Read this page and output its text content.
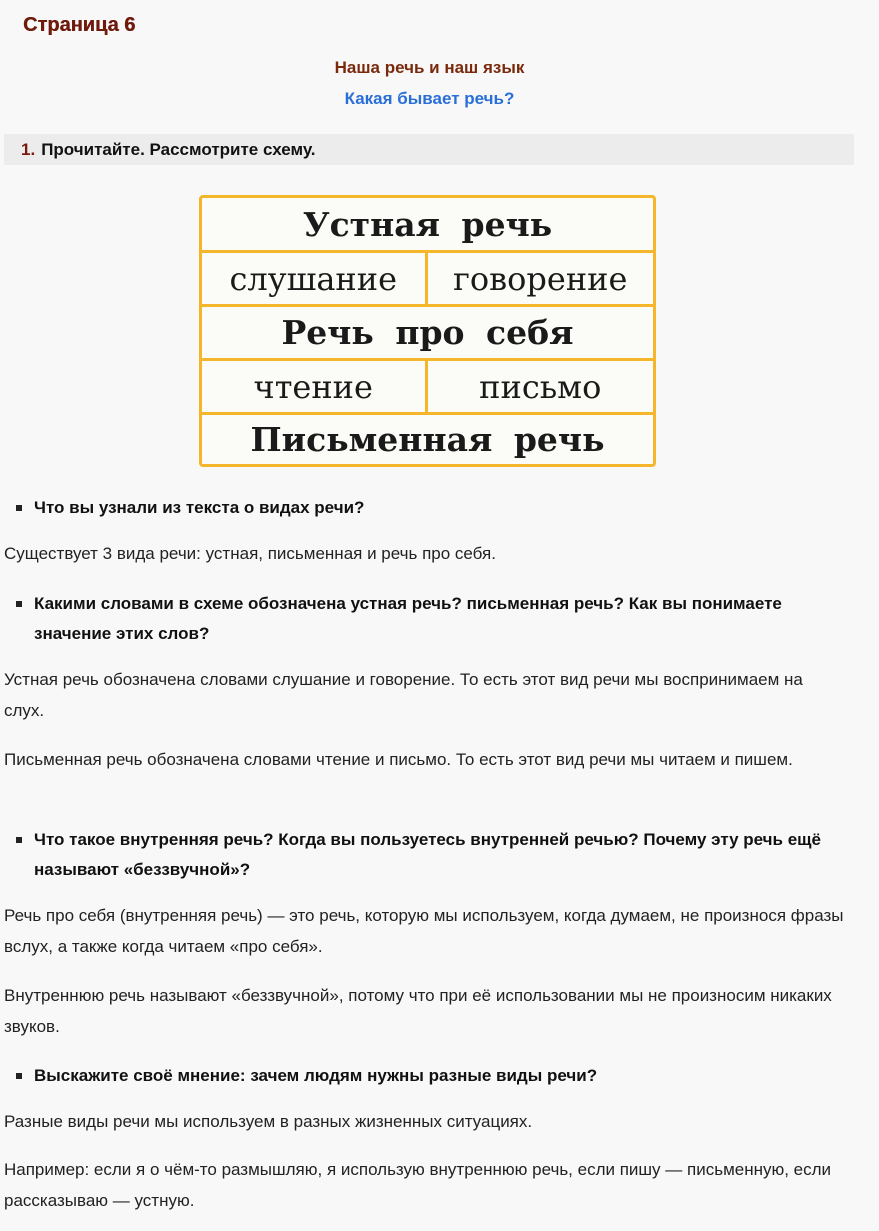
Страница 6
Наша речь и наш язык
Какая бывает речь?
1. Прочитайте. Рассмотрите схему.
Устная речь
слушание	говорение
Речь про себя
чтение	письмо
Письменная речь
Что вы узнали из текста о видах речи?

Существует 3 вида речи: устная, письменная и речь про себя.

Какими словами в схеме обозначена устная речь? письменная речь? Как вы понимаете значение этих слов?

Устная речь обозначена словами слушание и говорение. То есть этот вид речи мы воспринимаем на слух.

Письменная речь обозначена словами чтение и письмо. То есть этот вид речи мы читаем и пишем.

Что такое внутренняя речь? Когда вы пользуетесь внутренней речью? Почему эту речь ещё называют «беззвучной»?

Речь про себя (внутренняя речь) — это речь, которую мы используем, когда думаем, не произнося фразы вслух, а также когда читаем «про себя».

Внутреннюю речь называют «беззвучной», потому что при её использовании мы не произносим никаких звуков.

Выскажите своё мнение: зачем людям нужны разные виды речи?

Разные виды речи мы используем в разных жизненных ситуациях.

Например: если я о чём-то размышляю, я использую внутреннюю речь, если пишу — письменную, если рассказываю — устную.
